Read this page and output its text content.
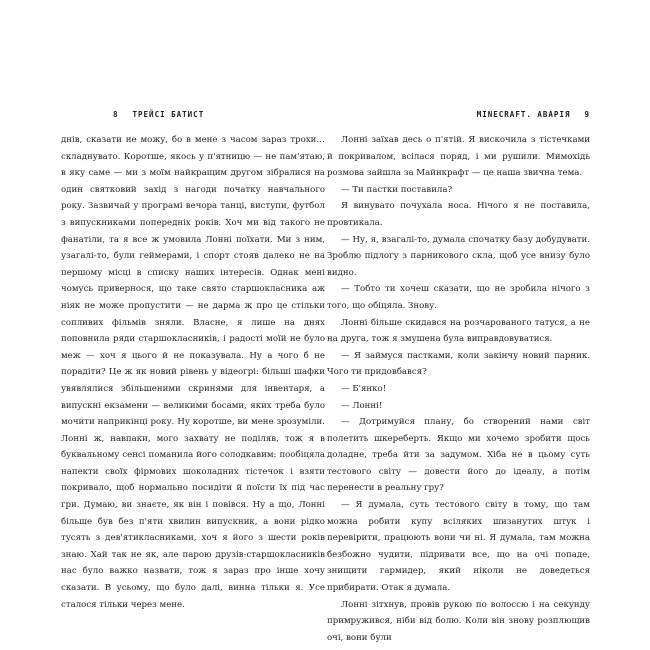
8 ТРЕЙСІ БАТИСТ

днів, сказати не можу, бо в мене з часом зараз трохи… складнувато. Коротше, якось у п'ятницю — не пам'ятаю, в яку саме — ми з моїм найкращим другом зібралися на один святковий захід з нагоди початку навчального року. Зазвичай у програмі вечора танці, виступи, футбол з випускниками попередніх років. Хоч ми від такого не фанатіли, та я все ж умовила Лонні поїхати. Ми з ним, узагалі-то, були геймерами, і спорт стояв далеко не на першому місці в списку наших інтересів. Однак мені чомусь привернося, що таке свято старшокласника аж ніяк не може пропустити — не дарма ж про це стільки сопливих фільмів зняли. Власне, я лише на днях поповнила ряди старшокласників, і радості моїй не було меж — хоч я цього й не показувала. Ну а чого б не порадіти? Це ж як новий рівень у відеогрі: більші шафки увявлялися збільшеними скринями для інвентаря, а випускні екзамени — великими босами, яких треба було мочити наприкінці року. Ну коротше, ви мене зрозуміли. Лонні ж, навпаки, мого захвату не поділяв, тож я в буквальному сенсі поманила його солодкавим: пообіцяла напекти своїх фірмових шоколадних тістечок і взяти покривало, щоб нормально посидіти й поїсти їх під час гри. Думаю, ви знаєте, як він і повівся. Ну а що, Лонні більше був без п'яти хвилин випускник, а вони рідко тусять з дев'ятикласниками, хоч я його з шести років знаю. Хай так не як, але парою друзів-старшокласників нас було важко назвати, тож я зараз про інше хочу сказати. В усьому, що було далі, винна тільки я. Усе сталося тільки через мене.

MINECRAFT. АВАРІЯ 9

Лонні заїхав десь о п'ятій. Я вискочила з тістечками й покривалом, всілася поряд, і ми рушили. Мимохідь розмова зайшла за Майнкрафт — це наша звична тема.

— Ти пастки поставила?

Я винувато почухала носа. Нічого я не поставила, провтикала.

— Ну, я, взагалі-то, думала спочатку базу добудувати. Зроблю підлогу з парникового скла, щоб усе внизу було видно.

— Тобто ти хочеш сказати, що не зробила нічого з того, що обіцяла. Знову.

Лонні більше скидався на розчарованого татуся, а не на друга, тож я змушена була виправдовуватися.

— Я займуся пастками, коли закінчу новий парник. Чого ти придовбався?

— Б'янко!

— Лонні!

— Дотримуйся плану, бо створений нами світ полетить шкереберть. Якщо ми хочемо зробити щось доладне, треба йти за задумом. Хіба не в цьому суть тестового світу — довести його до ідеалу, а потім перенести в реальну гру?

— Я думала, суть тестового світу в тому, що там можна робити купу всіляких шизанутих штук і перевірити, працюють вони чи ні. Я думала, там можна безбожно чудити, підривати все, що на очі попаде, знищити гармидер, який ніколи не доведеться прибирати. Отак я думала.

Лонні зітхнув, провів рукою по волоссю і на секунду примружився, ніби від болю. Коли він знову розплющив очі, вони були
